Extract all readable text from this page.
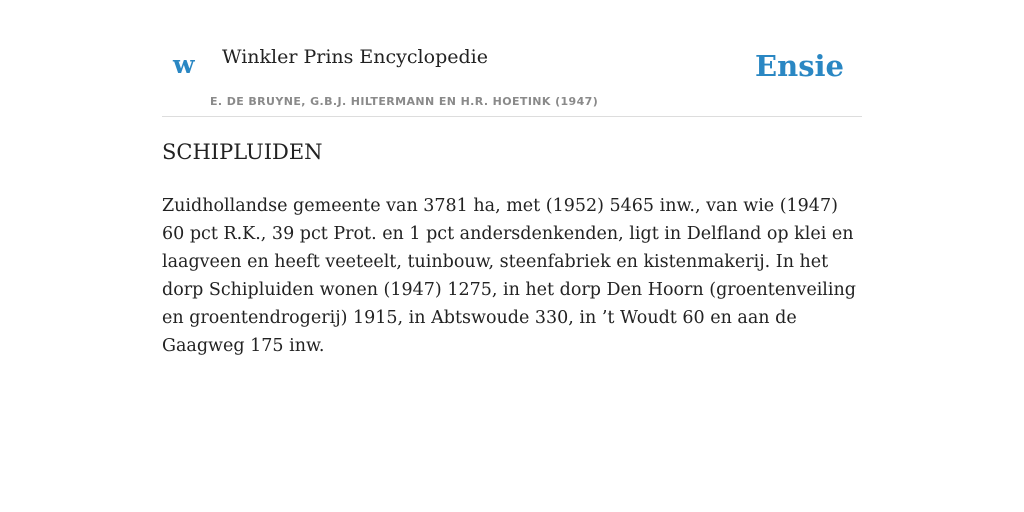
w Winkler Prins Encyclopedie
E. DE BRUYNE, G.B.J. HILTERMANN EN H.R. HOETINK (1947)
Ensie
SCHIPLUIDEN

Zuidhollandse gemeente van 3781 ha, met (1952) 5465 inw., van wie (1947) 60 pct R.K., 39 pct Prot. en 1 pct andersdenkenden, ligt in Delfland op klei en laagveen en heeft veeteelt, tuinbouw, steenfabriek en kistenmakerij. In het dorp Schipluiden wonen (1947) 1275, in het dorp Den Hoorn (groentenveiling en groentendrogerij) 1915, in Abtswoude 330, in ’t Woudt 60 en aan de Gaagweg 175 inw.
